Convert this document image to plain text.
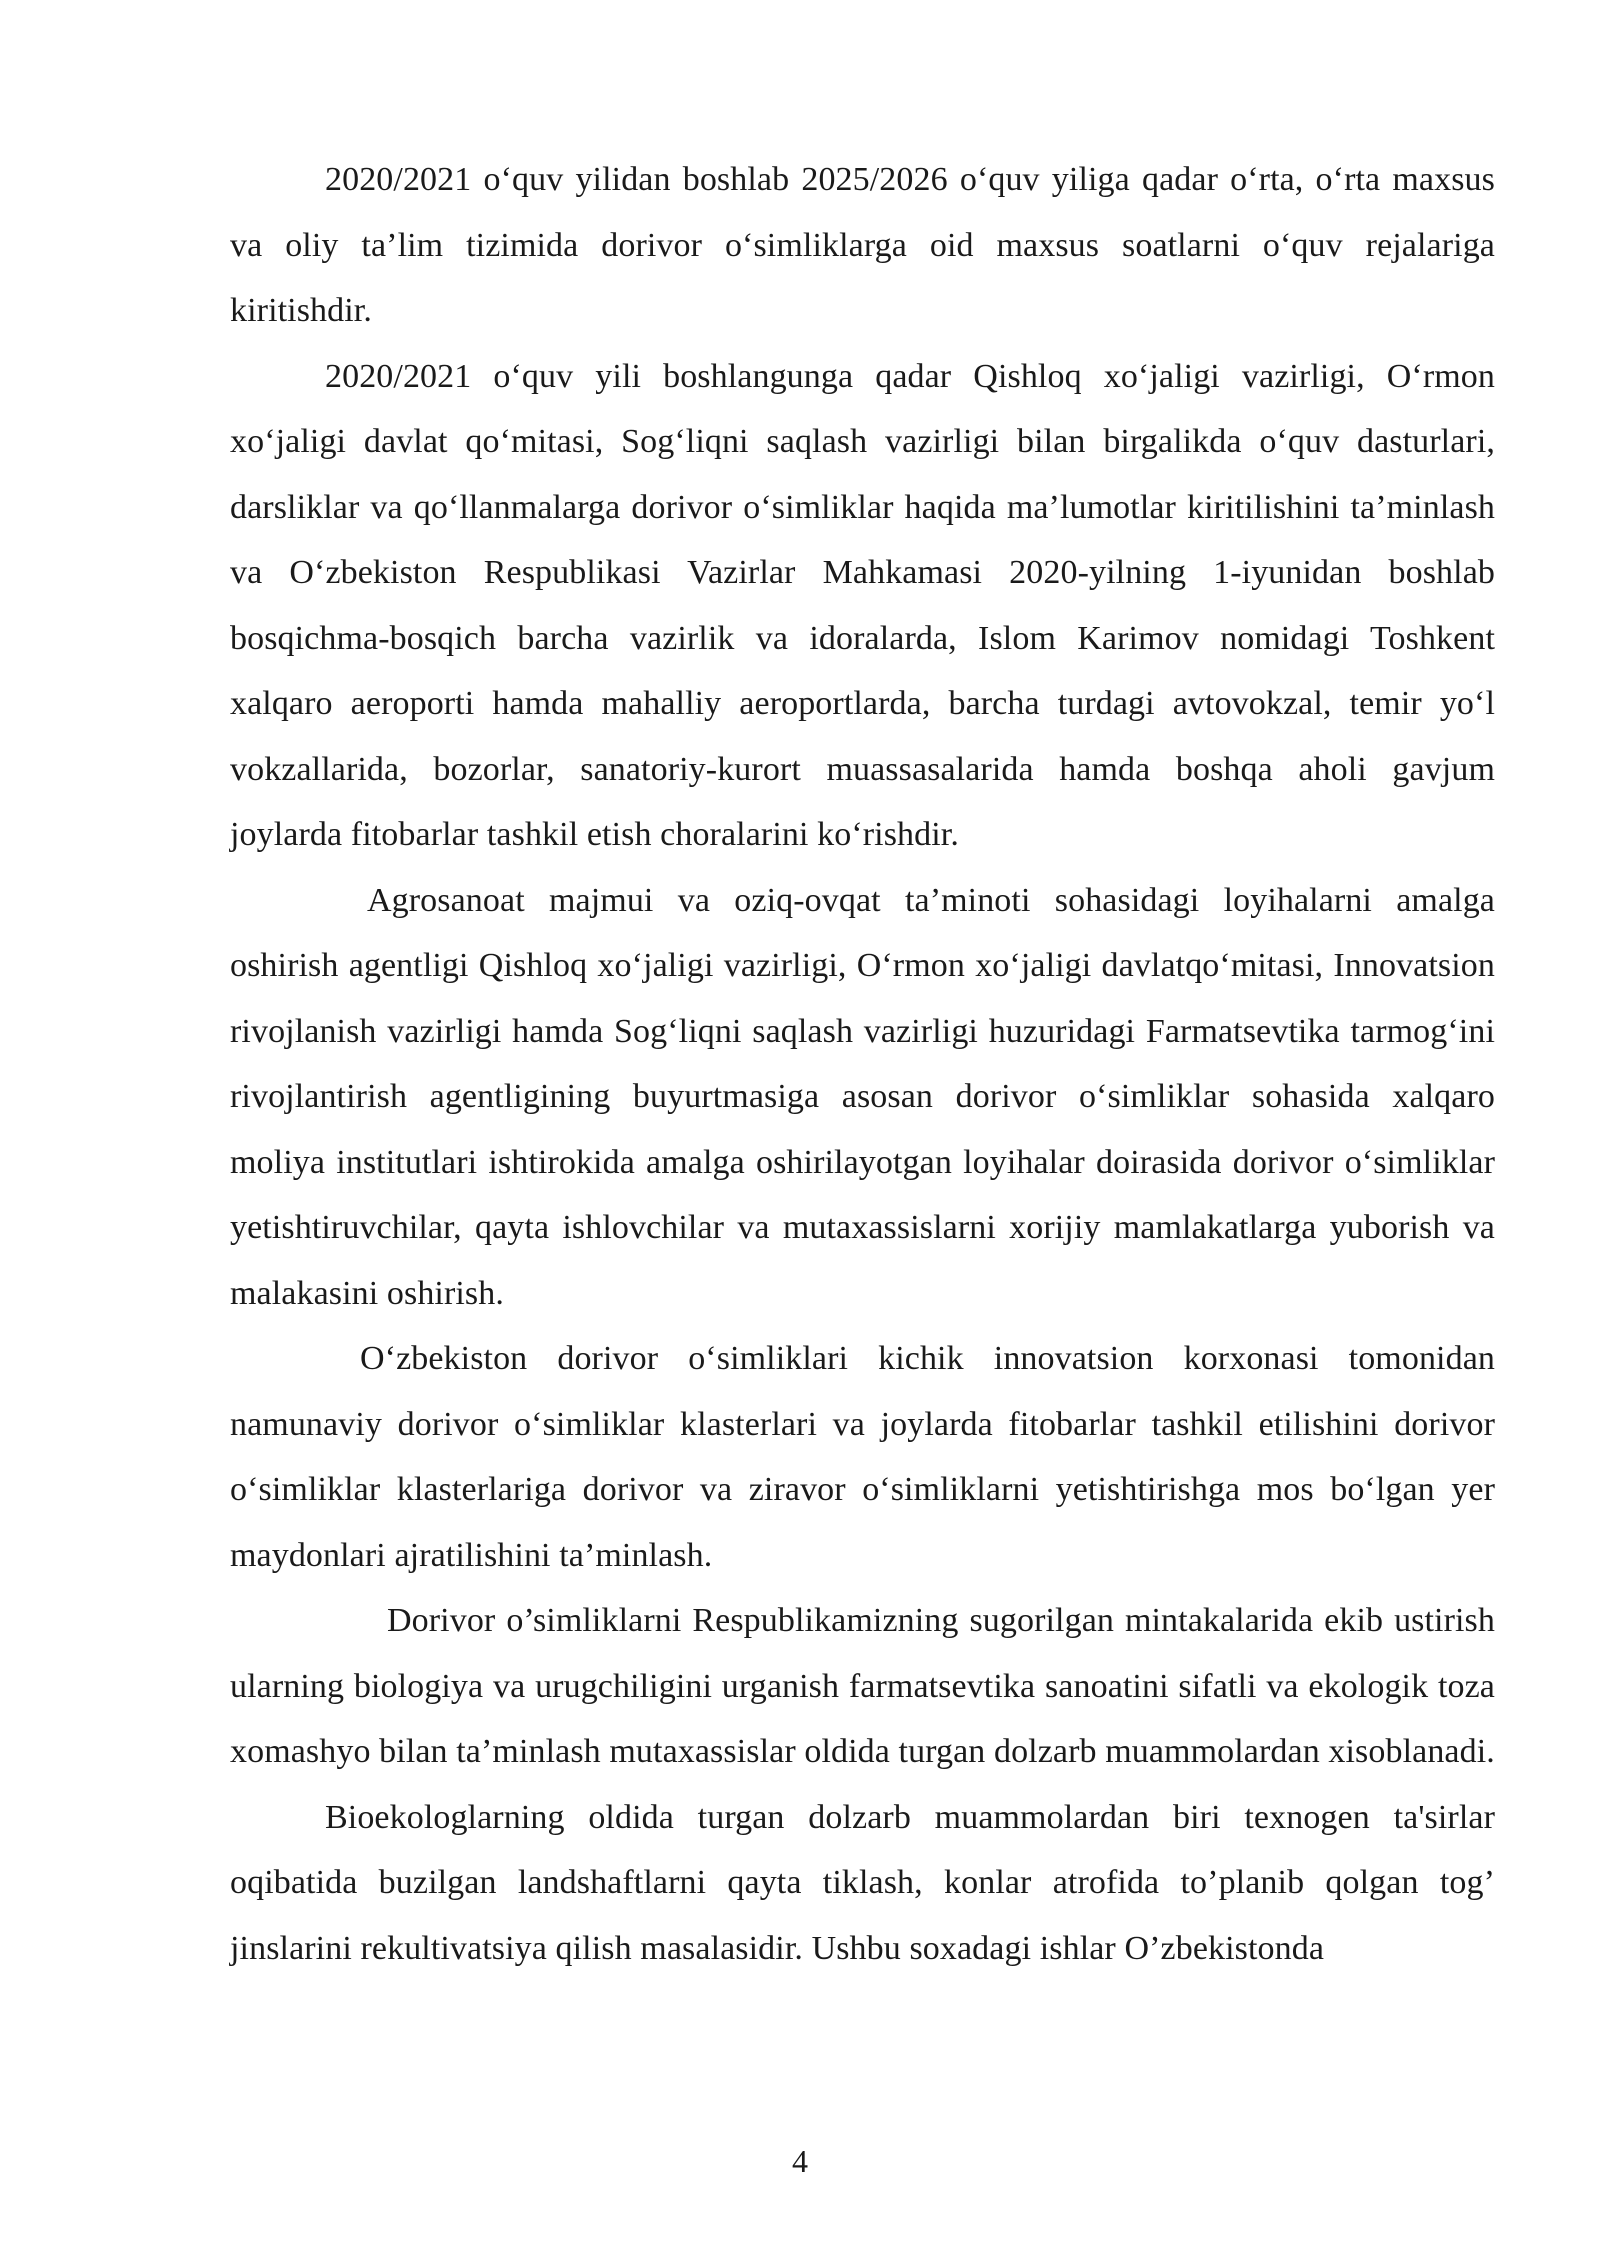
2020/2021 o‘quv yilidan boshlab 2025/2026 o‘quv yiliga qadar o‘rta, o‘rta maxsus va oliy ta’lim tizimida dorivor o‘simliklarga oid maxsus soatlarni o‘quv rejalariga kiritishdir.

2020/2021 o‘quv yili boshlangunga qadar Qishloq xo‘jaligi vazirligi, O‘rmon xo‘jaligi davlat qo‘mitasi, Sog‘liqni saqlash vazirligi bilan birgalikda o‘quv dasturlari, darsliklar va qo‘llanmalarga dorivor o‘simliklar haqida ma’lumotlar kiritilishini ta’minlash va O‘zbekiston Respublikasi Vazirlar Mahkamasi 2020-yilning 1-iyunidan boshlab bosqichma-bosqich barcha vazirlik va idoralarda, Islom Karimov nomidagi Toshkent xalqaro aeroporti hamda mahalliy aeroportlarda, barcha turdagi avtovokzal, temir yo‘l vokzallarida, bozorlar, sanatoriy-kurort muassasalarida hamda boshqa aholi gavjum joylarda fitobarlar tashkil etish choralarini ko‘rishdir.

Agrosanoat majmui va oziq-ovqat ta’minoti sohasidagi loyihalarni amalga oshirish agentligi Qishloq xo‘jaligi vazirligi, O‘rmon xo‘jaligi davlatqo‘mitasi, Innovatsion rivojlanish vazirligi hamda Sog‘liqni saqlash vazirligi huzuridagi Farmatsevtika tarmog‘ini rivojlantirish agentligining buyurtmasiga asosan dorivor o‘simliklar sohasida xalqaro moliya institutlari ishtirokida amalga oshirilayotgan loyihalar doirasida dorivor o‘simliklar yetishtiruvchilar, qayta ishlovchilar va mutaxassislarni xorijiy mamlakatlarga yuborish va malakasini oshirish.

O‘zbekiston dorivor o‘simliklari kichik innovatsion korxonasi tomonidan namunaviy dorivor o‘simliklar klasterlari va joylarda fitobarlar tashkil etilishini dorivor o‘simliklar klasterlariga dorivor va ziravor o‘simliklarni yetishtirishga mos bo‘lgan yer maydonlari ajratilishini ta’minlash.

Dorivor o’simliklarni Respublikamizning sugorilgan mintakalarida ekib ustirish ularning biologiya va urugchiligini urganish farmatsevtika sanoatini sifatli va ekologik toza xomashyo bilan ta’minlash mutaxassislar oldida turgan dolzarb muammolardan xisoblanadi.

Bioekologlarning oldida turgan dolzarb muammolardan biri texnogen ta'sirlar oqibatida buzilgan landshaftlarni qayta tiklash, konlar atrofida to’planib qolgan tog’ jinslarini rekultivatsiya qilish masalasidir. Ushbu soxadagi ishlar O’zbekistonda

4
